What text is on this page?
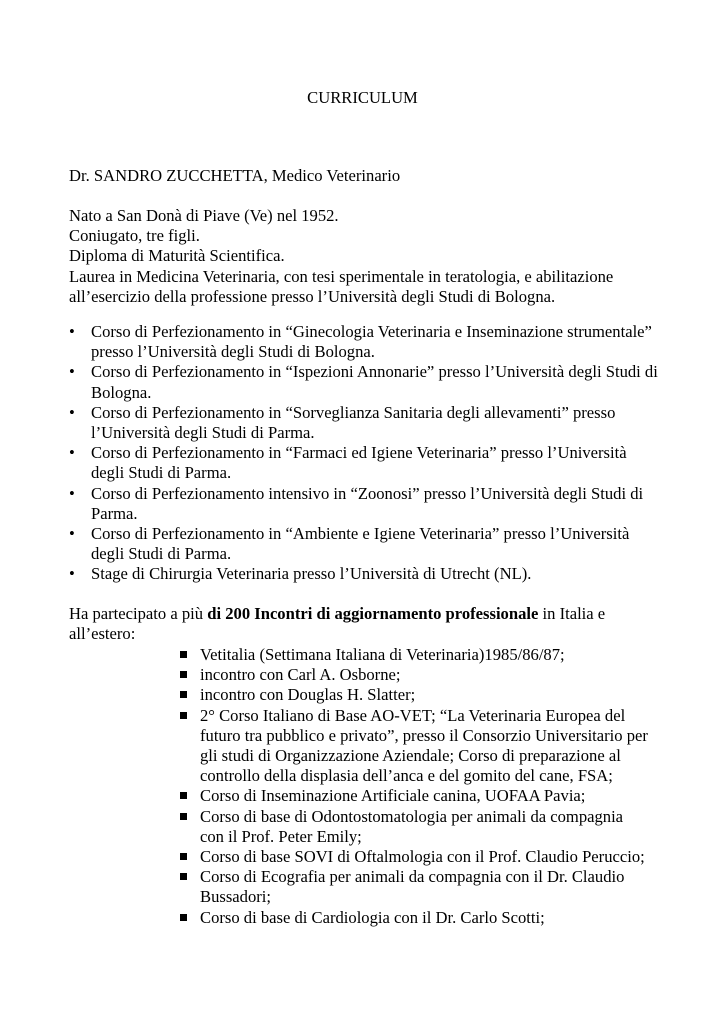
CURRICULUM
Dr. SANDRO ZUCCHETTA, Medico Veterinario

Nato a San Donà di Piave (Ve) nel 1952.

Coniugato, tre figli.

Diploma di Maturità Scientifica.

Laurea in Medicina Veterinaria, con tesi sperimentale in teratologia, e abilitazione all’esercizio della professione presso l’Università degli Studi di Bologna.

• Corso di Perfezionamento in “Ginecologia Veterinaria e Inseminazione strumentale” presso l’Università degli Studi di Bologna.
• Corso di Perfezionamento in “Ispezioni Annonarie” presso l’Università degli Studi di Bologna.
• Corso di Perfezionamento in “Sorveglianza Sanitaria degli allevamenti” presso l’Università degli Studi di Parma.
• Corso di Perfezionamento in “Farmaci ed Igiene Veterinaria” presso l’Università degli Studi di Parma.
• Corso di Perfezionamento intensivo in “Zoonosi” presso l’Università degli Studi di Parma.
• Corso di Perfezionamento in “Ambiente e Igiene Veterinaria” presso l’Università degli Studi di Parma.
• Stage di Chirurgia Veterinaria presso l’Università di Utrecht (NL).
Ha partecipato a più di 200 Incontri di aggiornamento professionale in Italia e all’estero:
Vetitalia (Settimana Italiana di Veterinaria)1985/86/87;
incontro con Carl A. Osborne;
incontro con Douglas H. Slatter;
2° Corso Italiano di Base AO-VET; “La Veterinaria Europea del futuro tra pubblico e privato”, presso il Consorzio Universitario per gli studi di Organizzazione Aziendale; Corso di preparazione al controllo della displasia dell’anca e del gomito del cane, FSA;
Corso di Inseminazione Artificiale canina, UOFAA Pavia;
Corso di base di Odontostomatologia per animali da compagnia con il Prof. Peter Emily;
Corso di base SOVI di Oftalmologia con il Prof. Claudio Peruccio;
Corso di Ecografia per animali da compagnia con il Dr. Claudio Bussadori;
Corso di base di Cardiologia con il Dr. Carlo Scotti;
